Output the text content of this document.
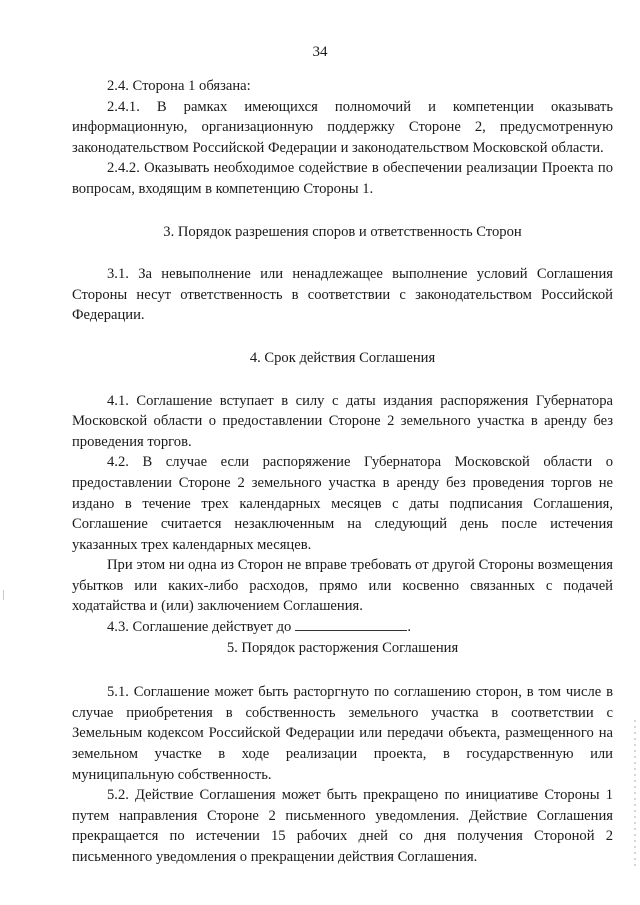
34

2.4. Сторона 1 обязана:

2.4.1. В рамках имеющихся полномочий и компетенции оказывать информационную, организационную поддержку Стороне 2, предусмотренную законодательством Российской Федерации и законодательством Московской области.

2.4.2. Оказывать необходимое содействие в обеспечении реализации Проекта по вопросам, входящим в компетенцию Стороны 1.

3. Порядок разрешения споров и ответственность Сторон

3.1. За невыполнение или ненадлежащее выполнение условий Соглашения Стороны несут ответственность в соответствии с законодательством Российской Федерации.

4. Срок действия Соглашения

4.1. Соглашение вступает в силу с даты издания распоряжения Губернатора Московской области о предоставлении Стороне 2 земельного участка в аренду без проведения торгов.

4.2. В случае если распоряжение Губернатора Московской области о предоставлении Стороне 2 земельного участка в аренду без проведения торгов не издано в течение трех календарных месяцев с даты подписания Соглашения, Соглашение считается незаключенным на следующий день после истечения указанных трех календарных месяцев.

При этом ни одна из Сторон не вправе требовать от другой Стороны возмещения убытков или каких-либо расходов, прямо или косвенно связанных с подачей ходатайства и (или) заключением Соглашения.

4.3. Соглашение действует до	.

5. Порядок расторжения Соглашения

5.1. Соглашение может быть расторгнуто по соглашению сторон, в том числе в случае приобретения в собственность земельного участка в соответствии с Земельным кодексом Российской Федерации или передачи объекта, размещенного на земельном участке в ходе реализации проекта, в государственную или муниципальную собственность.

5.2. Действие Соглашения может быть прекращено по инициативе Стороны 1 путем направления Стороне 2 письменного уведомления. Действие Соглашения прекращается по истечении 15 рабочих дней со дня получения Стороной 2 письменного уведомления о прекращении действия Соглашения.
